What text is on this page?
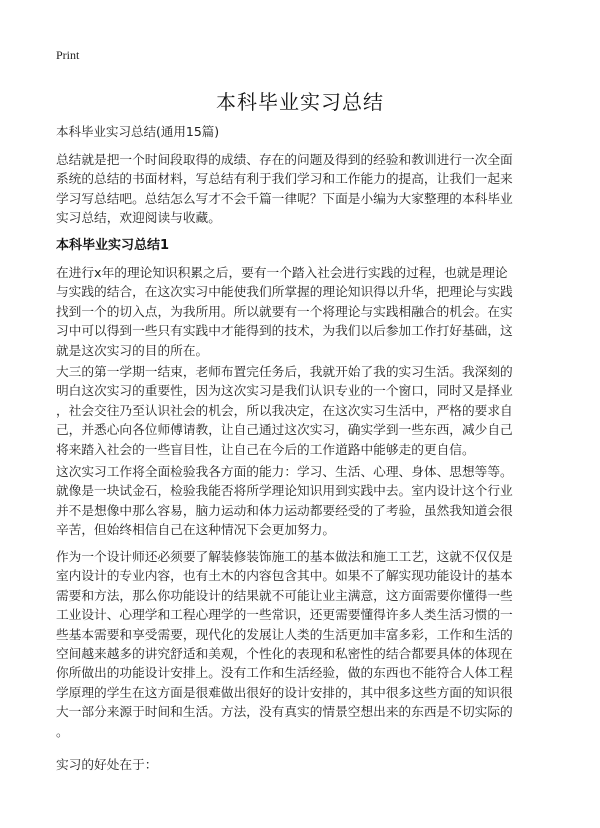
Print
本科毕业实习总结
本科毕业实习总结(通用15篇)
总结就是把一个时间段取得的成绩、存在的问题及得到的经验和教训进行一次全面
系统的总结的书面材料，写总结有利于我们学习和工作能力的提高，让我们一起来
学习写总结吧。总结怎么写才不会千篇一律呢？下面是小编为大家整理的本科毕业
实习总结，欢迎阅读与收藏。
本科毕业实习总结1
在进行x年的理论知识积累之后，要有一个踏入社会进行实践的过程，也就是理论
与实践的结合，在这次实习中能使我们所掌握的理论知识得以升华，把理论与实践
找到一个的切入点，为我所用。所以就要有一个将理论与实践相融合的机会。在实
习中可以得到一些只有实践中才能得到的技术，为我们以后参加工作打好基础，这
就是这次实习的目的所在。
大三的第一学期一结束，老师布置完任务后，我就开始了我的实习生活。我深刻的
明白这次实习的重要性，因为这次实习是我们认识专业的一个窗口，同时又是择业
，社会交往乃至认识社会的机会，所以我决定，在这次实习生活中，严格的要求自
己，并悉心向各位师傅请教，让自己通过这次实习，确实学到一些东西，减少自己
将来踏入社会的一些盲目性，让自己在今后的工作道路中能够走的更自信。
这次实习工作将全面检验我各方面的能力：学习、生活、心理、身体、思想等等。
就像是一块试金石，检验我能否将所学理论知识用到实践中去。室内设计这个行业
并不是想像中那么容易，脑力运动和体力运动都要经受的了考验，虽然我知道会很
辛苦，但始终相信自己在这种情况下会更加努力。
作为一个设计师还必须要了解装修装饰施工的基本做法和施工工艺，这就不仅仅是
室内设计的专业内容，也有土木的内容包含其中。如果不了解实现功能设计的基本
需要和方法，那么你功能设计的结果就不可能让业主满意，这方面需要你懂得一些
工业设计、心理学和工程心理学的一些常识，还更需要懂得许多人类生活习惯的一
些基本需要和享受需要，现代化的发展让人类的生活更加丰富多彩，工作和生活的
空间越来越多的讲究舒适和美观，个性化的表现和私密性的结合都要具体的体现在
你所做出的功能设计安排上。没有工作和生活经验，做的东西也不能符合人体工程
学原理的学生在这方面是很难做出很好的设计安排的，其中很多这些方面的知识很
大一部分来源于时间和生活。方法，没有真实的情景空想出来的东西是不切实际的
。
实习的好处在于：
